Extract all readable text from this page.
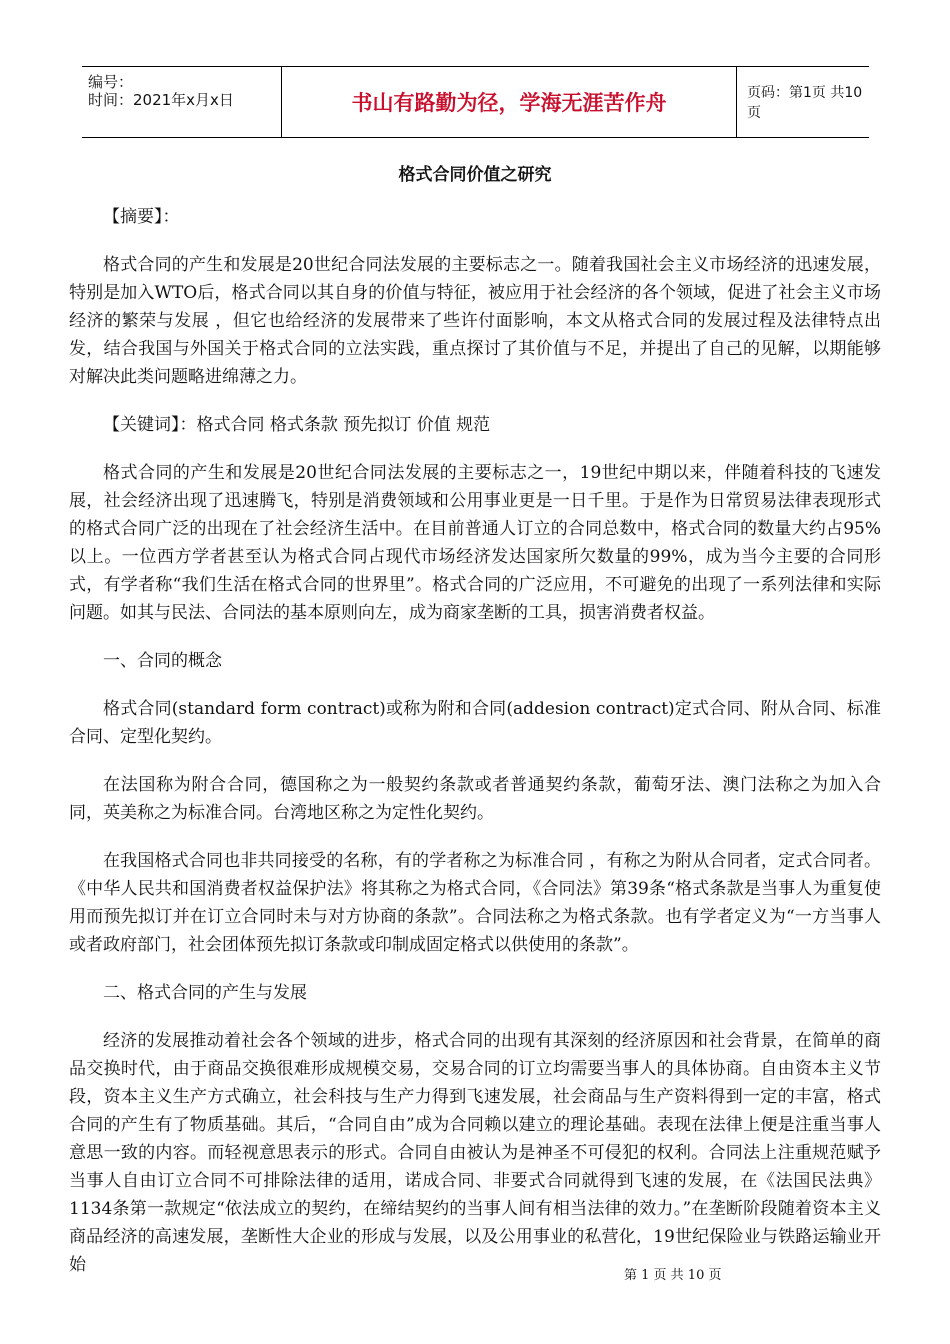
编号：
时间：2021年x月x日	书山有路勤为径，学海无涯苦作舟	页码：第1页 共10页
格式合同价值之研究

【摘要】：

格式合同的产生和发展是20世纪合同法发展的主要标志之一。随着我国社会主义市场经济的迅速发展，特别是加入WTO后，格式合同以其自身的价值与特征，被应用于社会经济的各个领域，促进了社会主义市场经济的繁荣与发展 ，但它也给经济的发展带来了些许付面影响，本文从格式合同的发展过程及法律特点出发，结合我国与外国关于格式合同的立法实践，重点探讨了其价值与不足，并提出了自己的见解，以期能够对解决此类问题略进绵薄之力。

【关键词】：格式合同 格式条款 预先拟订 价值 规范

格式合同的产生和发展是20世纪合同法发展的主要标志之一，19世纪中期以来，伴随着科技的飞速发展，社会经济出现了迅速腾飞，特别是消费领域和公用事业更是一日千里。于是作为日常贸易法律表现形式的格式合同广泛的出现在了社会经济生活中。在目前普通人订立的合同总数中，格式合同的数量大约占95%以上。一位西方学者甚至认为格式合同占现代市场经济发达国家所欠数量的99%，成为当今主要的合同形式，有学者称“我们生活在格式合同的世界里”。格式合同的广泛应用，不可避免的出现了一系列法律和实际问题。如其与民法、合同法的基本原则向左，成为商家垄断的工具，损害消费者权益。

一、合同的概念

格式合同(standard form contract)或称为附和合同(addesion contract)定式合同、附从合同、标准合同、定型化契约。

在法国称为附合合同，德国称之为一般契约条款或者普通契约条款，葡萄牙法、澳门法称之为加入合同，英美称之为标准合同。台湾地区称之为定性化契约。

在我国格式合同也非共同接受的名称，有的学者称之为标准合同 ，有称之为附从合同者，定式合同者。《中华人民共和国消费者权益保护法》将其称之为格式合同，《合同法》第39条“格式条款是当事人为重复使用而预先拟订并在订立合同时未与对方协商的条款”。合同法称之为格式条款。也有学者定义为“一方当事人或者政府部门，社会团体预先拟订条款或印制成固定格式以供使用的条款”。

二、格式合同的产生与发展

经济的发展推动着社会各个领域的进步，格式合同的出现有其深刻的经济原因和社会背景，在简单的商品交换时代，由于商品交换很难形成规模交易，交易合同的订立均需要当事人的具体协商。自由资本主义节段，资本主义生产方式确立，社会科技与生产力得到飞速发展，社会商品与生产资料得到一定的丰富，格式合同的产生有了物质基础。其后，“合同自由”成为合同赖以建立的理论基础。表现在法律上便是注重当事人意思一致的内容。而轻视意思表示的形式。合同自由被认为是神圣不可侵犯的权利。合同法上注重规范赋予当事人自由订立合同不可排除法律的适用，诺成合同、非要式合同就得到飞速的发展，在《法国民法典》1134条第一款规定“依法成立的契约，在缔结契约的当事人间有相当法律的效力。”在垄断阶段随着资本主义商品经济的高速发展，垄断性大企业的形成与发展，以及公用事业的私营化，19世纪保险业与铁路运输业开始

第 1 页 共 10 页
